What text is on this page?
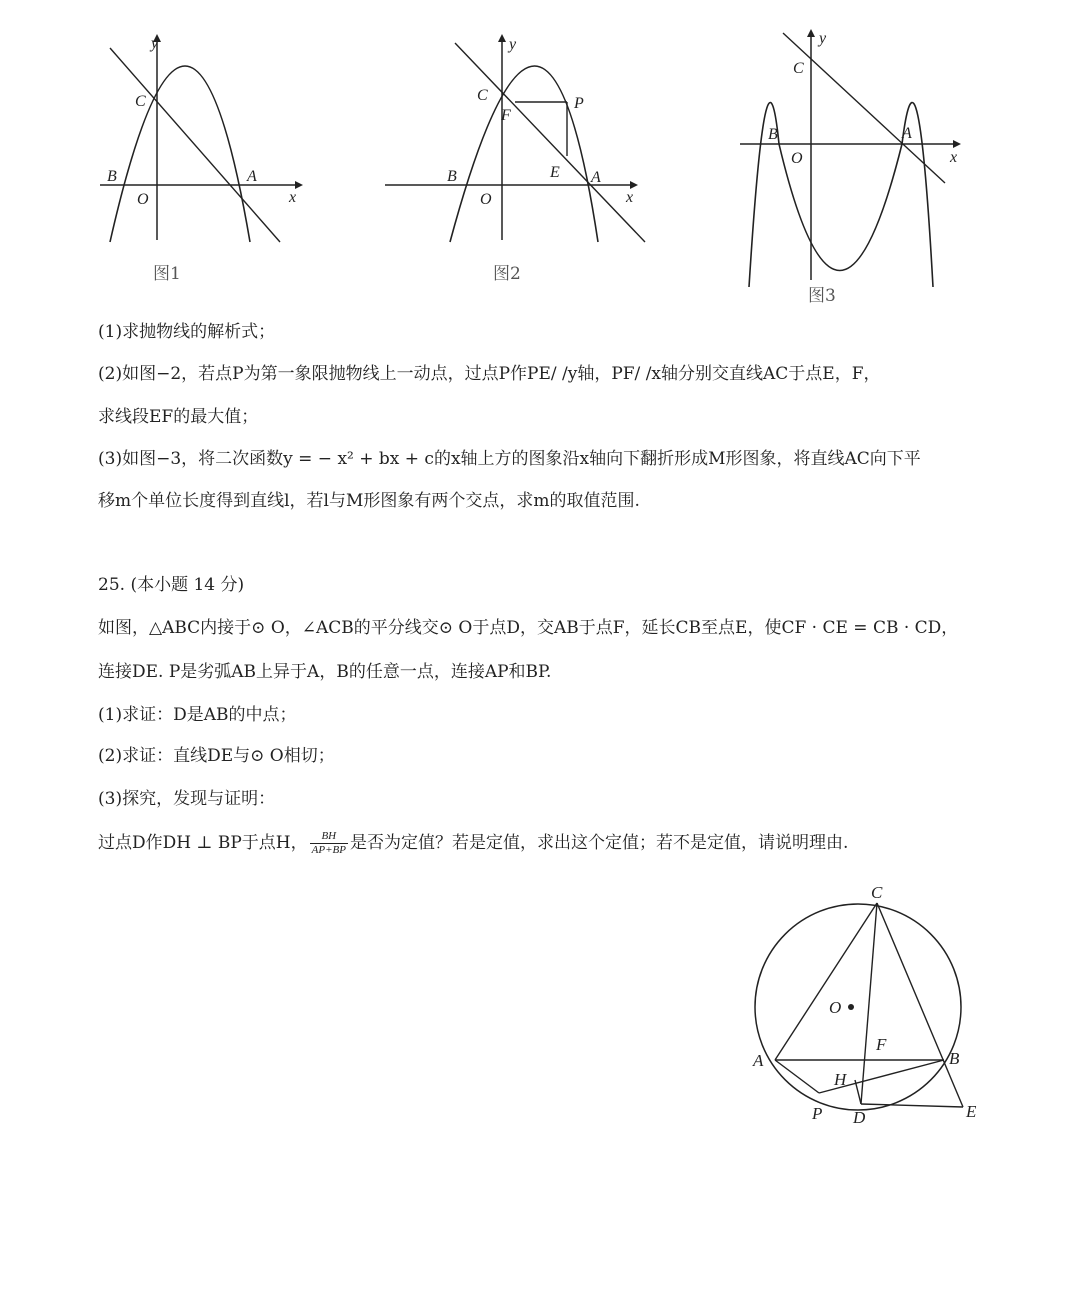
y
x
C
B
O
A
图1
y
x
C
F
P
E
B
O
A
图2
y
x
C
B
O
A
图3
(1)求抛物线的解析式；
(2)如图−2，若点P为第一象限抛物线上一动点，过点P作PE/ /y轴，PF/ /x轴分别交直线AC于点E，F，
求线段EF的最大值；
(3)如图−3，将二次函数y = − x² + bx + c的x轴上方的图象沿x轴向下翻折形成M形图象，将直线AC向下平
移m个单位长度得到直线l，若l与M形图象有两个交点，求m的取值范围.
25. (本小题 14 分)
如图，△ABC内接于⊙ O，∠ACB的平分线交⊙ O于点D，交AB于点F，延长CB至点E，使CF · CE = CB · CD，
连接DE. P是劣弧AB上异于A，B的任意一点，连接AP和BP.
(1)求证：D是AB的中点；
(2)求证：直线DE与⊙ O相切；
(3)探究，发现与证明：
过点D作DH ⊥ BP于点H， $\frac{BH}{AP+BP}$ 是否为定值？若是定值，求出这个定值；若不是定值，请说明理由.
C
O
F
A	B
H
P D	E
